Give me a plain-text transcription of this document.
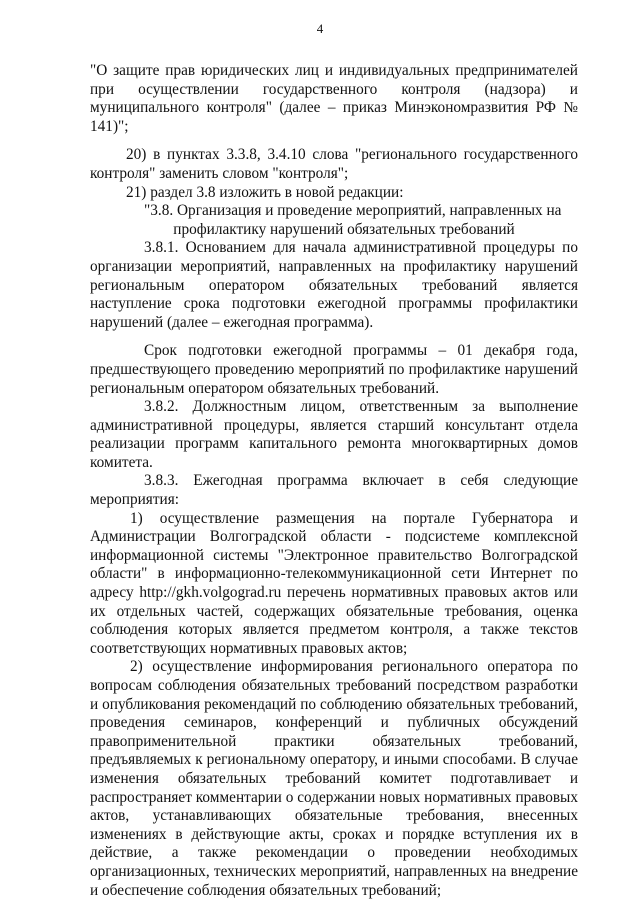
4

"О защите прав юридических лиц и индивидуальных предпринимателей при осуществлении государственного контроля (надзора) и муниципального контроля" (далее – приказ Минэкономразвития РФ № 141)";

20) в пунктах 3.3.8, 3.4.10 слова "регионального государственного контроля" заменить словом "контроля";

21) раздел 3.8 изложить в новой редакции:

"3.8. Организация и проведение мероприятий, направленных на

профилактику нарушений обязательных требований

3.8.1. Основанием для начала административной процедуры по организации мероприятий, направленных на профилактику нарушений региональным оператором обязательных требований является наступление срока подготовки ежегодной программы профилактики нарушений (далее – ежегодная программа).

Срок подготовки ежегодной программы – 01 декабря года, предшествующего проведению мероприятий по профилактике нарушений региональным оператором обязательных требований.

3.8.2. Должностным лицом, ответственным за выполнение административной процедуры, является старший консультант отдела реализации программ капитального ремонта многоквартирных домов комитета.

3.8.3. Ежегодная программа включает в себя следующие мероприятия:

1) осуществление размещения на портале Губернатора и Администрации Волгоградской области - подсистеме комплексной информационной системы "Электронное правительство Волгоградской области" в информационно-телекоммуникационной сети Интернет по адресу http://gkh.volgograd.ru перечень нормативных правовых актов или их отдельных частей, содержащих обязательные требования, оценка соблюдения которых является предметом контроля, а также текстов соответствующих нормативных правовых актов;

2) осуществление информирования регионального оператора по вопросам соблюдения обязательных требований посредством разработки и опубликования рекомендаций по соблюдению обязательных требований, проведения семинаров, конференций и публичных обсуждений правоприменительной практики обязательных требований, предъявляемых к региональному оператору, и иными способами. В случае изменения обязательных требований комитет подготавливает и распространяет комментарии о содержании новых нормативных правовых актов, устанавливающих обязательные требования, внесенных изменениях в действующие акты, сроках и порядке вступления их в действие, а также рекомендации о проведении необходимых организационных, технических мероприятий, направленных на внедрение и обеспечение соблюдения обязательных требований;
